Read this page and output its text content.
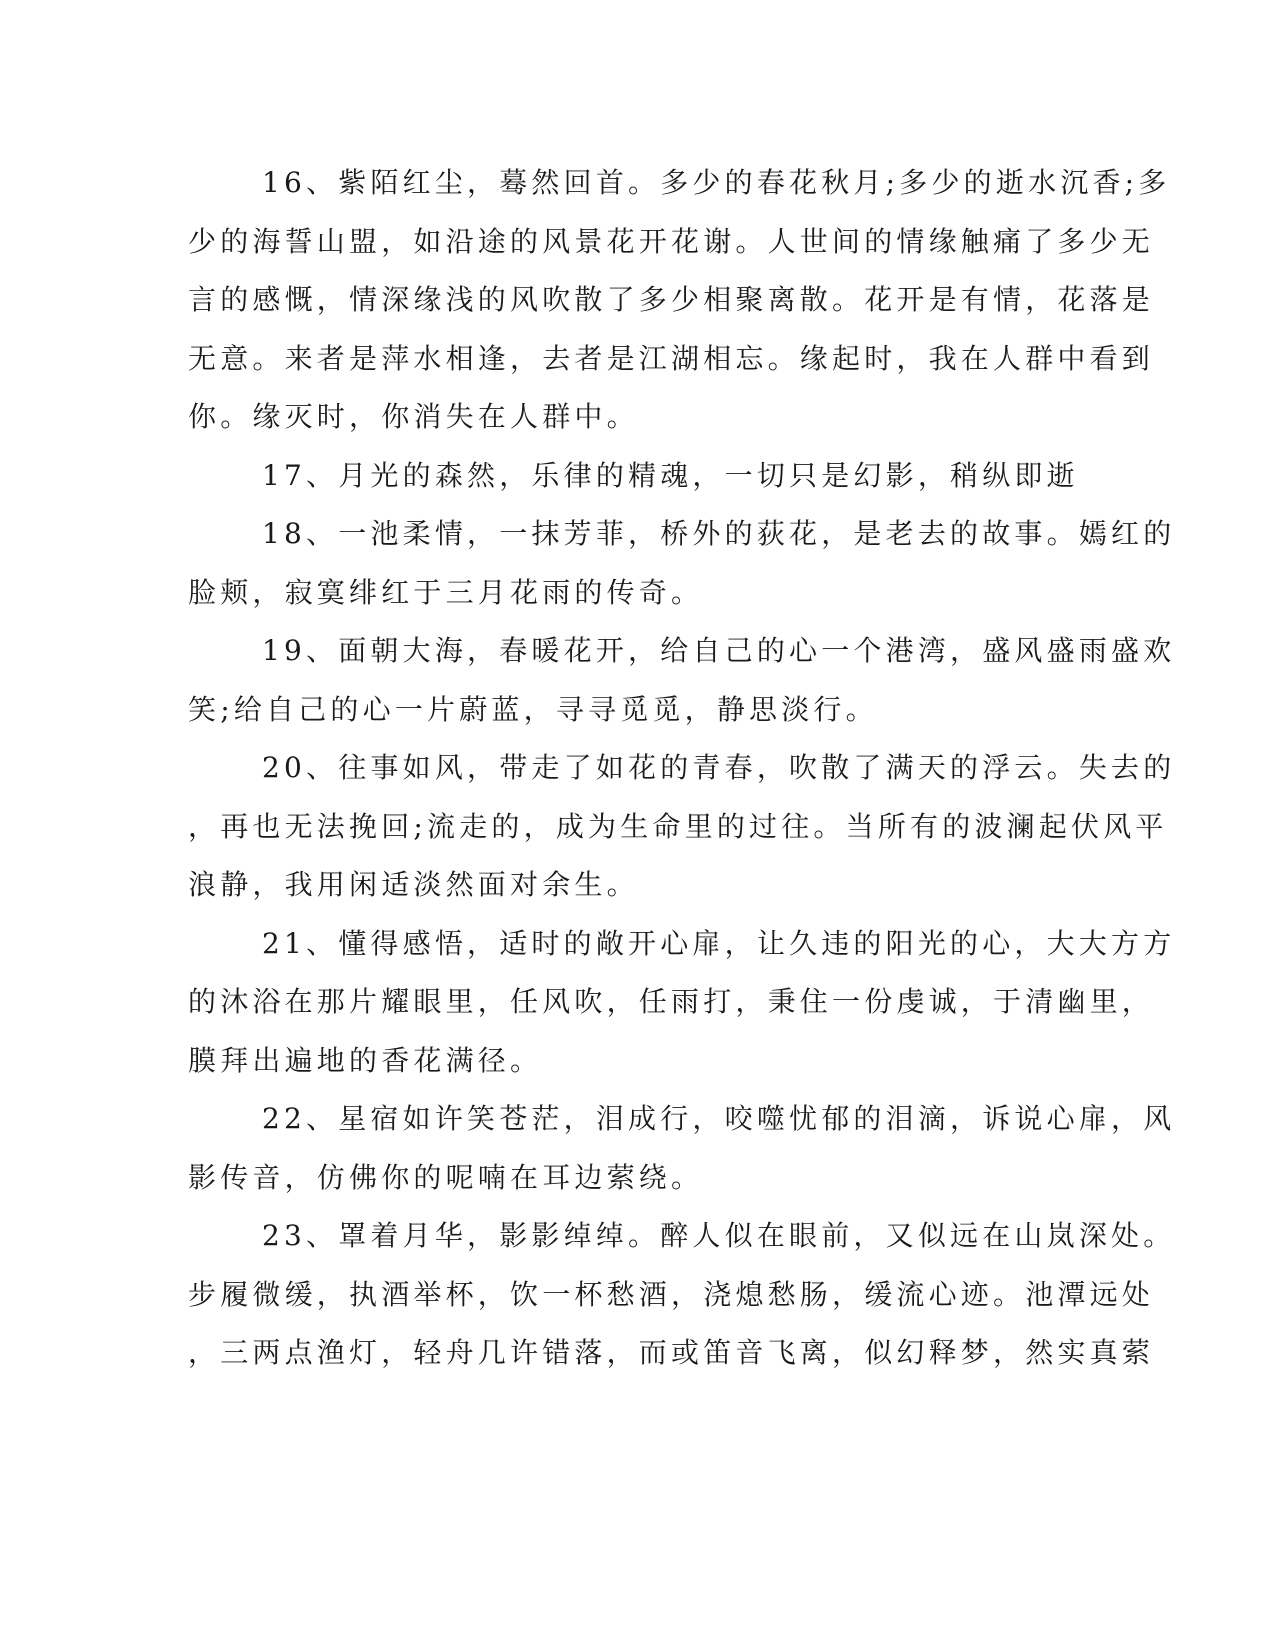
16、紫陌红尘，蓦然回首。多少的春花秋月;多少的逝水沉香;多

少的海誓山盟，如沿途的风景花开花谢。人世间的情缘触痛了多少无

言的感慨，情深缘浅的风吹散了多少相聚离散。花开是有情，花落是

无意。来者是萍水相逢，去者是江湖相忘。缘起时，我在人群中看到

你。缘灭时，你消失在人群中。

17、月光的森然，乐律的精魂，一切只是幻影，稍纵即逝

18、一池柔情，一抹芳菲，桥外的荻花，是老去的故事。嫣红的

脸颊，寂寞绯红于三月花雨的传奇。

19、面朝大海，春暖花开，给自己的心一个港湾，盛风盛雨盛欢

笑;给自己的心一片蔚蓝，寻寻觅觅，静思淡行。

20、往事如风，带走了如花的青春，吹散了满天的浮云。失去的

，再也无法挽回;流走的，成为生命里的过往。当所有的波澜起伏风平

浪静，我用闲适淡然面对余生。

21、懂得感悟，适时的敞开心扉，让久违的阳光的心，大大方方

的沐浴在那片耀眼里，任风吹，任雨打，秉住一份虔诚，于清幽里，

膜拜出遍地的香花满径。

22、星宿如许笑苍茫，泪成行，咬噬忧郁的泪滴，诉说心扉，风

影传音，仿佛你的呢喃在耳边萦绕。

23、罩着月华，影影绰绰。醉人似在眼前，又似远在山岚深处。

步履微缓，执酒举杯，饮一杯愁酒，浇熄愁肠，缓流心迹。池潭远处

，三两点渔灯，轻舟几许错落，而或笛音飞离，似幻释梦，然实真萦
